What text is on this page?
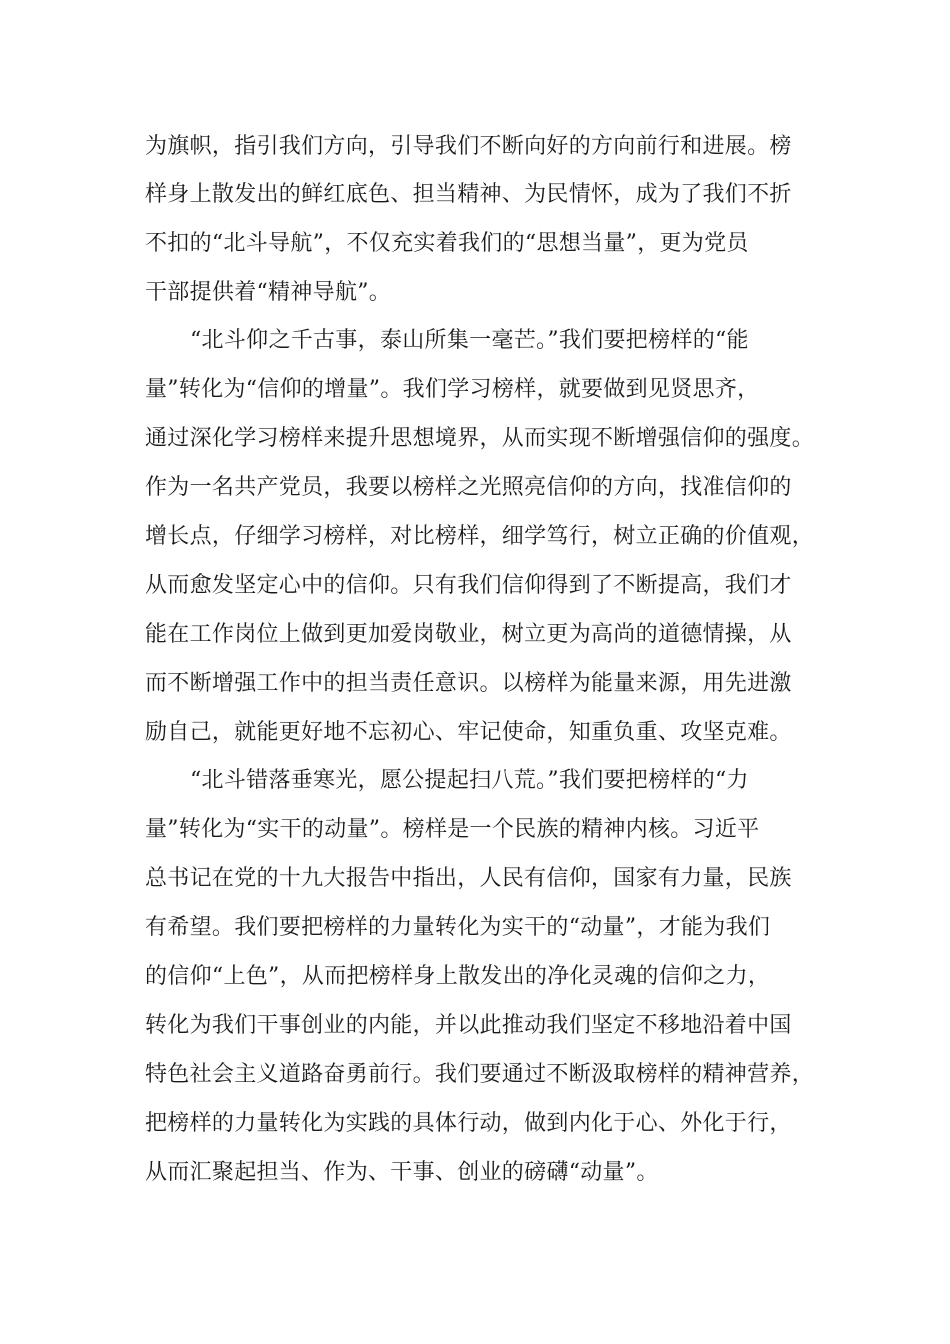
为旗帜，指引我们方向，引导我们不断向好的方向前行和进展。榜
样身上散发出的鲜红底色、担当精神、为民情怀，成为了我们不折
不扣的“北斗导航”，不仅充实着我们的“思想当量”，更为党员
干部提供着“精神导航”。
“北斗仰之千古事，泰山所集一毫芒。”我们要把榜样的“能
量”转化为“信仰的增量”。我们学习榜样，就要做到见贤思齐，
通过深化学习榜样来提升思想境界，从而实现不断增强信仰的强度。
作为一名共产党员，我要以榜样之光照亮信仰的方向，找准信仰的
增长点，仔细学习榜样，对比榜样，细学笃行，树立正确的价值观，
从而愈发坚定心中的信仰。只有我们信仰得到了不断提高，我们才
能在工作岗位上做到更加爱岗敬业，树立更为高尚的道德情操，从
而不断增强工作中的担当责任意识。以榜样为能量来源，用先进激
励自己，就能更好地不忘初心、牢记使命，知重负重、攻坚克难。
“北斗错落垂寒光，愿公提起扫八荒。”我们要把榜样的“力
量”转化为“实干的动量”。榜样是一个民族的精神内核。习近平
总书记在党的十九大报告中指出，人民有信仰，国家有力量，民族
有希望。我们要把榜样的力量转化为实干的“动量”，才能为我们
的信仰“上色”，从而把榜样身上散发出的净化灵魂的信仰之力，
转化为我们干事创业的内能，并以此推动我们坚定不移地沿着中国
特色社会主义道路奋勇前行。我们要通过不断汲取榜样的精神营养，
把榜样的力量转化为实践的具体行动，做到内化于心、外化于行，
从而汇聚起担当、作为、干事、创业的磅礴“动量”。
